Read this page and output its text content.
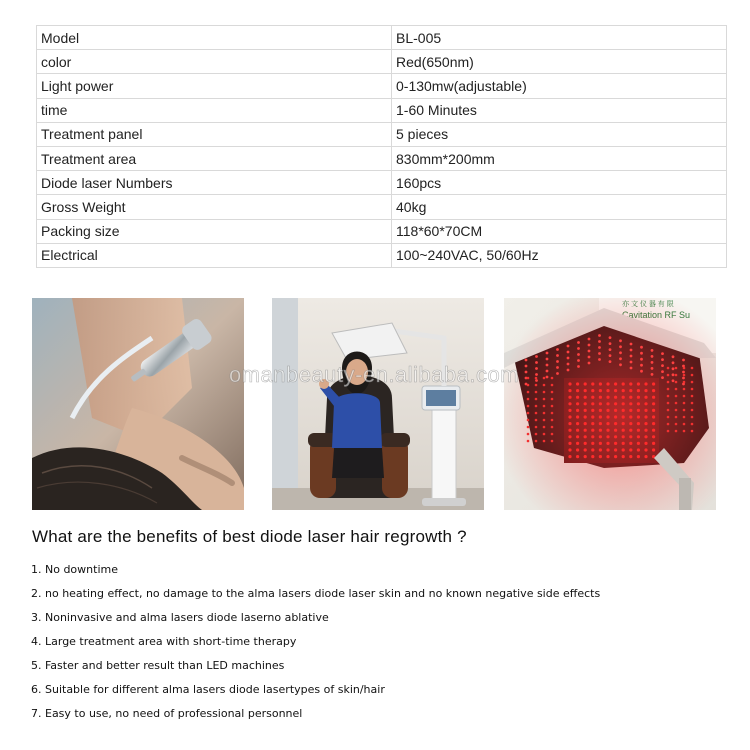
Model	BL-005
color	Red(650nm)
Light power	0-130mw(adjustable)
time	1-60 Minutes
Treatment panel	5 pieces
Treatment area	830mm*200mm
Diode laser Numbers	160pcs
Gross Weight	40kg
Packing size	118*60*70CM
Electrical	100~240VAC, 50/60Hz
omanbeauty-en.alibaba.com
What are the benefits of best diode laser hair regrowth ?
1. No downtime
2. no heating effect, no damage to the alma lasers diode laser skin and no known negative side effects
3. Noninvasive and alma lasers diode laserno ablative
4. Large treatment area with short-time therapy
5. Faster and better result than LED machines
6. Suitable for different alma lasers diode lasertypes of skin/hair
7. Easy to use, no need of professional personnel
